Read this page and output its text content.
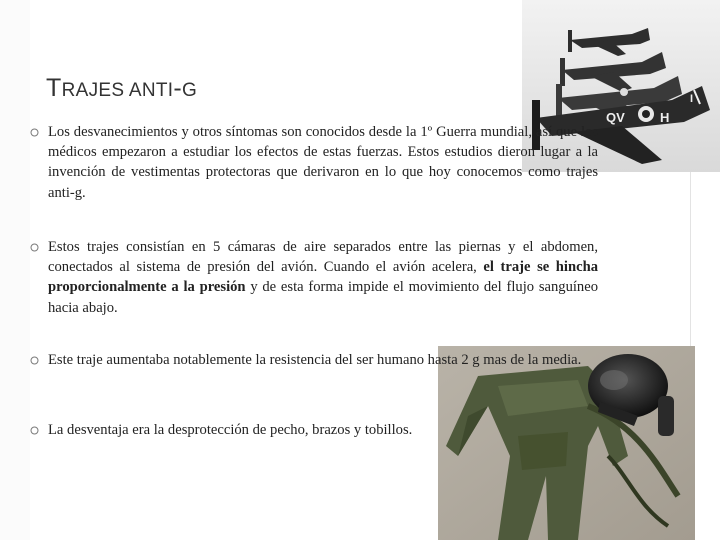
TRAJES ANTI-G
QV	H
I
Los desvanecimientos y otros síntomas son conocidos desde la 1º Guerra mundial, así que los médicos empezaron a estudiar los efectos de estas fuerzas. Estos estudios dieron lugar a la invención de vestimentas protectoras que derivaron en lo que hoy conocemos como trajes anti-g.
Estos trajes consistían en 5 cámaras de aire separados entre las piernas y el abdomen, conectados al sistema de presión del avión. Cuando el avión acelera, el traje se hincha proporcionalmente a la presión y de esta forma impide el movimiento del flujo sanguíneo hacia abajo.
Este traje aumentaba notablemente la resistencia del ser humano hasta 2 g mas de la media.
La desventaja era la desprotección de pecho, brazos y tobillos.
